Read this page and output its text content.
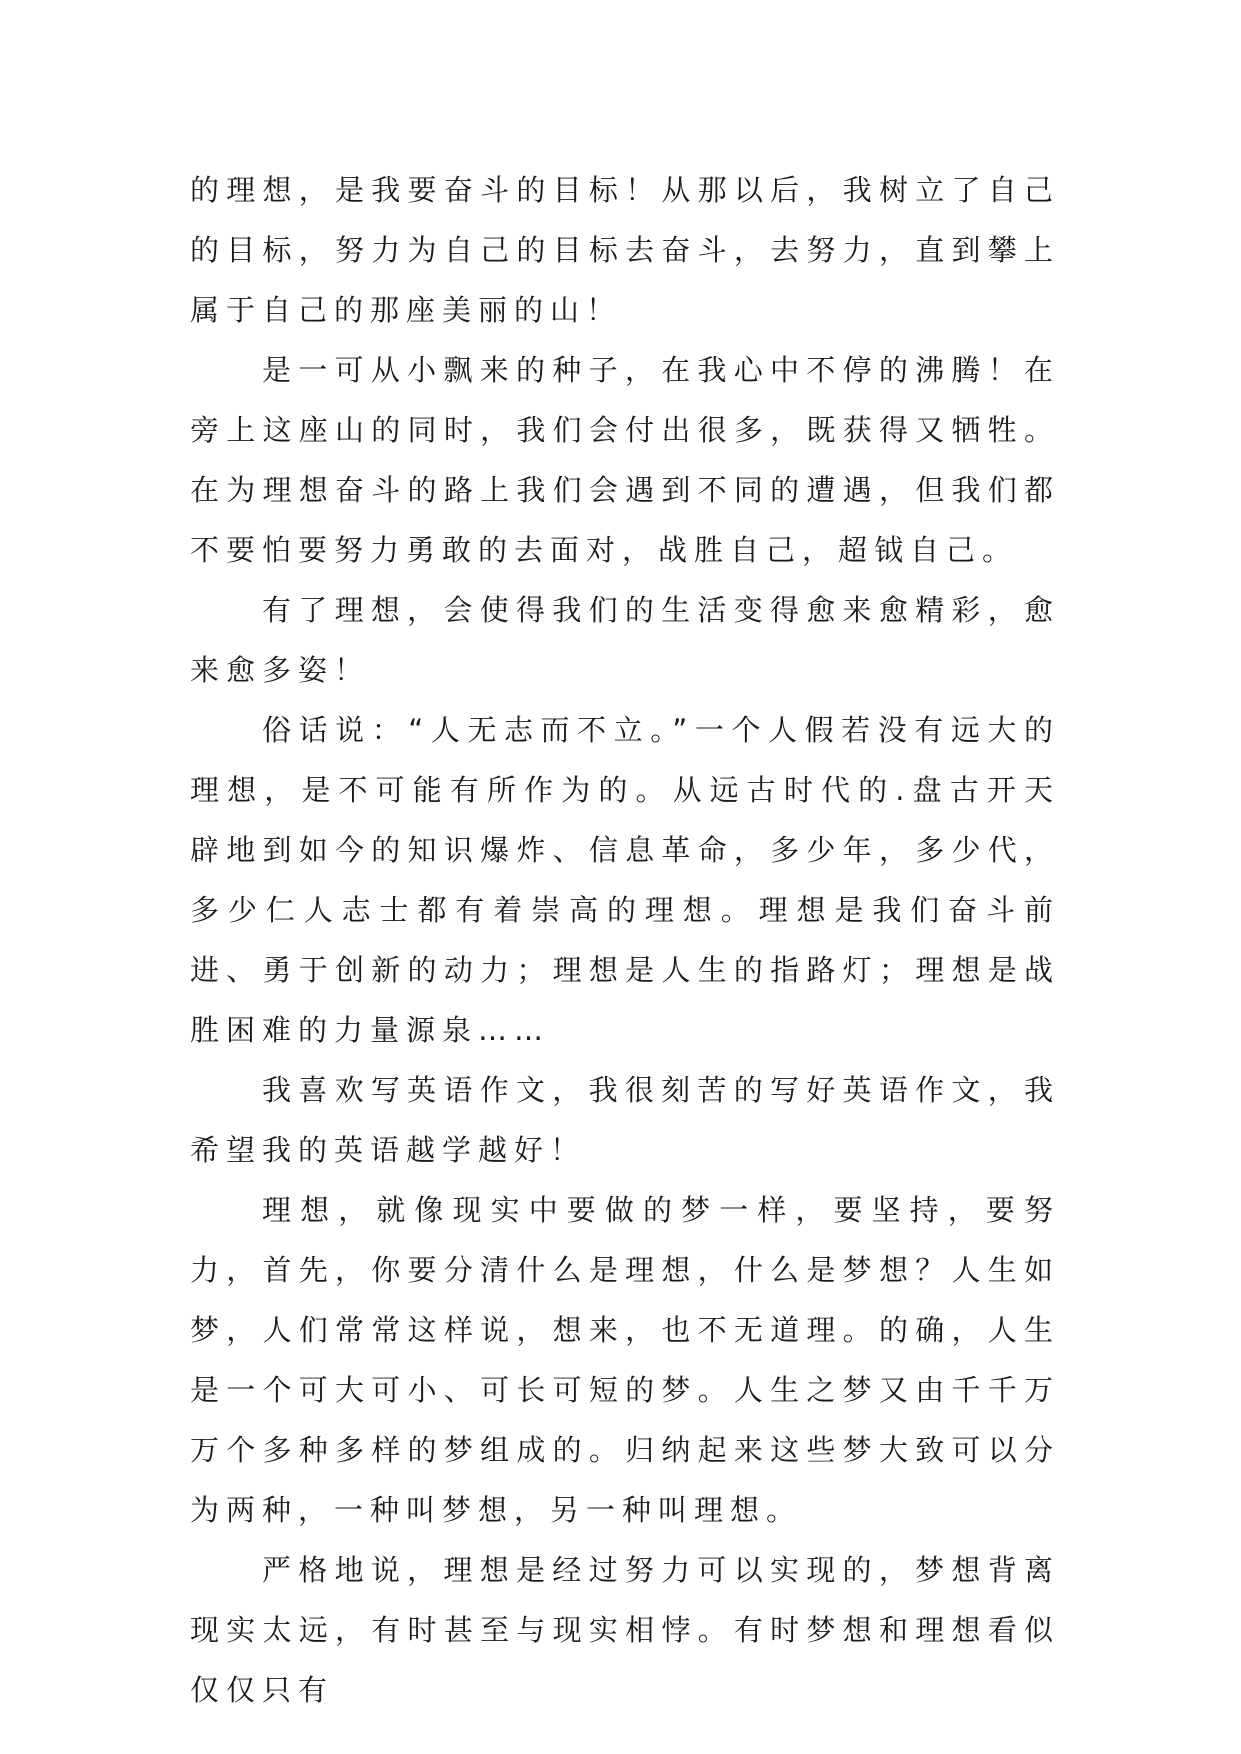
的理想，是我要奋斗的目标！从那以后，我树立了自己的目标，努力为自己的目标去奋斗，去努力，直到攀上属于自己的那座美丽的山！

是一可从小飘来的种子，在我心中不停的沸腾！在旁上这座山的同时，我们会付出很多，既获得又牺牲。在为理想奋斗的路上我们会遇到不同的遭遇，但我们都不要怕要努力勇敢的去面对，战胜自己，超钺自己。

有了理想，会使得我们的生活变得愈来愈精彩，愈来愈多姿！

俗话说：“人无志而不立。”一个人假若没有远大的理想，是不可能有所作为的。从远古时代的.盘古开天辟地到如今的知识爆炸、信息革命，多少年，多少代，多少仁人志士都有着崇高的理想。理想是我们奋斗前进、勇于创新的动力；理想是人生的指路灯；理想是战胜困难的力量源泉……

我喜欢写英语作文，我很刻苦的写好英语作文，我希望我的英语越学越好！

理想，就像现实中要做的梦一样，要坚持，要努力，首先，你要分清什么是理想，什么是梦想？人生如梦，人们常常这样说，想来，也不无道理。的确，人生是一个可大可小、可长可短的梦。人生之梦又由千千万万个多种多样的梦组成的。归纳起来这些梦大致可以分为两种，一种叫梦想，另一种叫理想。

严格地说，理想是经过努力可以实现的，梦想背离现实太远，有时甚至与现实相悖。有时梦想和理想看似仅仅只有
